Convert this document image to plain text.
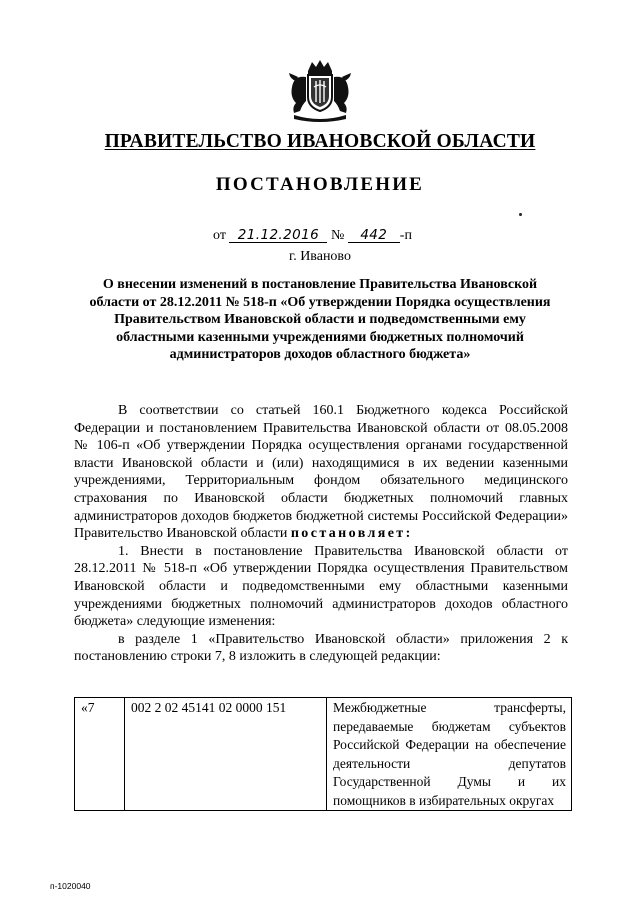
ПРАВИТЕЛЬСТВО ИВАНОВСКОЙ ОБЛАСТИ
ПОСТАНОВЛЕНИЕ
от 21.12.2016 № 442 -п
г. Иваново
О внесении изменений в постановление Правительства Ивановской области от 28.12.2011 № 518-п «Об утверждении Порядка осуществления Правительством Ивановской области и подведомственными ему областными казенными учреждениями бюджетных полномочий администраторов доходов областного бюджета»

В соответствии со статьей 160.1 Бюджетного кодекса Российской Федерации и постановлением Правительства Ивановской области от 08.05.2008 № 106-п «Об утверждении Порядка осуществления органами государственной власти Ивановской области и (или) находящимися в их ведении казенными учреждениями, Территориальным фондом обязательного медицинского страхования по Ивановской области бюджетных полномочий главных администраторов доходов бюджетов бюджетной системы Российской Федерации» Правительство Ивановской области постановляет:

1. Внести в постановление Правительства Ивановской области от 28.12.2011 № 518-п «Об утверждении Порядка осуществления Правительством Ивановской области и подведомственными ему областными казенными учреждениями бюджетных полномочий администраторов доходов областного бюджета» следующие изменения:

в разделе 1 «Правительство Ивановской области» приложения 2 к постановлению строки 7, 8 изложить в следующей редакции:

«7	002 2 02 45141 02 0000 151	Межбюджетные трансферты, передаваемые бюджетам субъектов Российской Федерации на обеспечение деятельности депутатов Государственной Думы и их помощников в избирательных округах
п-1020040
